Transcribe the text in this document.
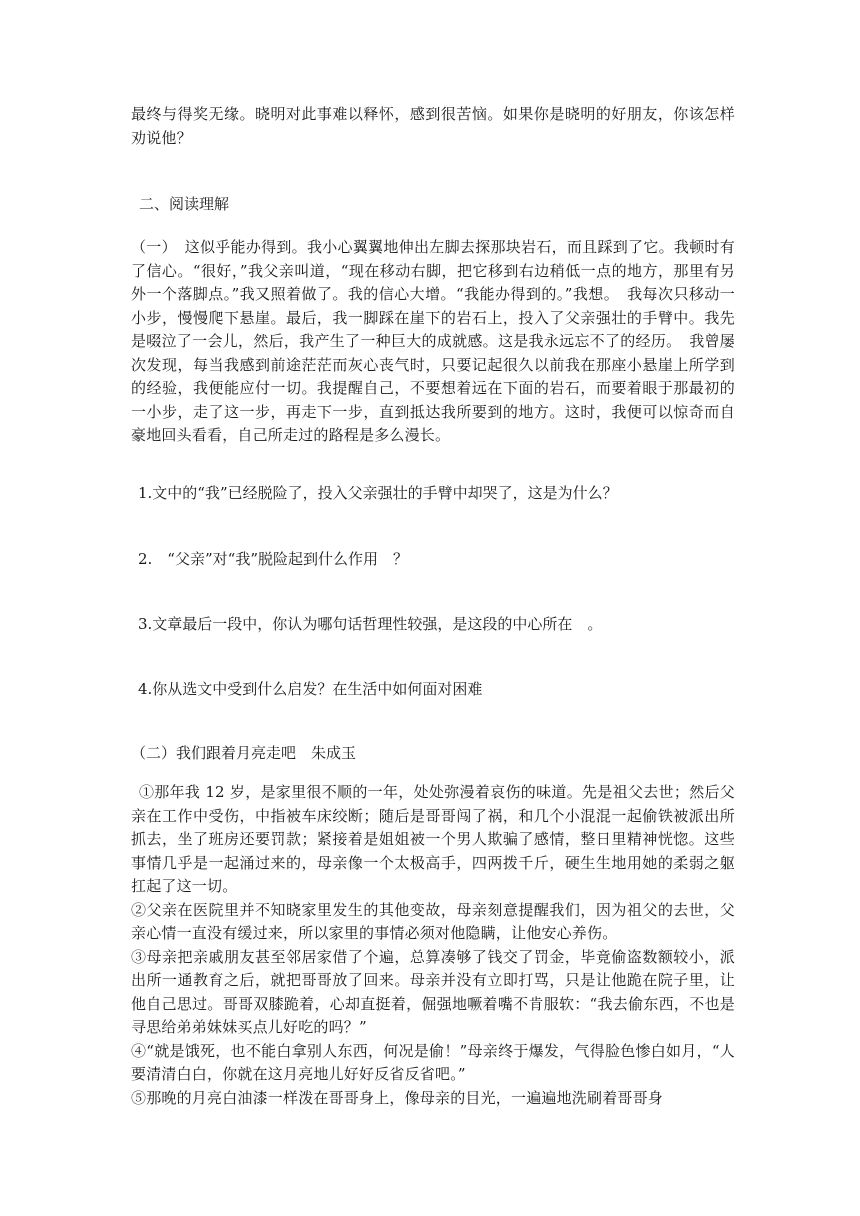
最终与得奖无缘。晓明对此事难以释怀，感到很苦恼。如果你是晓明的好朋友，你该怎样劝说他？

二、阅读理解

（一）　这似乎能办得到。我小心翼翼地伸出左脚去探那块岩石，而且踩到了它。我顿时有了信心。“很好，”我父亲叫道，“现在移动右脚，把它移到右边稍低一点的地方，那里有另外一个落脚点。”我又照着做了。我的信心大增。“我能办得到的。”我想。　我每次只移动一小步，慢慢爬下悬崖。最后，我一脚踩在崖下的岩石上，投入了父亲强壮的手臂中。我先是啜泣了一会儿，然后，我产生了一种巨大的成就感。这是我永远忘不了的经历。　我曾屡次发现，每当我感到前途茫茫而灰心丧气时，只要记起很久以前我在那座小悬崖上所学到的经验，我便能应付一切。我提醒自己，不要想着远在下面的岩石，而要着眼于那最初的一小步，走了这一步，再走下一步，直到抵达我所要到的地方。这时，我便可以惊奇而自豪地回头看看，自己所走过的路程是多么漫长。

1.文中的“我”已经脱险了，投入父亲强壮的手臂中却哭了，这是为什么？
2.　“父亲”对“我”脱险起到什么作用　？
3.文章最后一段中，你认为哪句话哲理性较强，是这段的中心所在　。
4.你从选文中受到什么启发？在生活中如何面对困难
（二）我们跟着月亮走吧　朱成玉

①那年我 12 岁，是家里很不顺的一年，处处弥漫着哀伤的味道。先是祖父去世；然后父亲在工作中受伤，中指被车床绞断；随后是哥哥闯了祸，和几个小混混一起偷铁被派出所抓去，坐了班房还要罚款；紧接着是姐姐被一个男人欺骗了感情，整日里精神恍惚。这些事情几乎是一起涌过来的，母亲像一个太极高手，四两拨千斤，硬生生地用她的柔弱之躯扛起了这一切。

②父亲在医院里并不知晓家里发生的其他变故，母亲刻意提醒我们，因为祖父的去世，父亲心情一直没有缓过来，所以家里的事情必须对他隐瞒，让他安心养伤。

③母亲把亲戚朋友甚至邻居家借了个遍，总算凑够了钱交了罚金，毕竟偷盗数额较小，派出所一通教育之后，就把哥哥放了回来。母亲并没有立即打骂，只是让他跪在院子里，让他自己思过。哥哥双膝跪着，心却直挺着，倔强地噘着嘴不肯服软：“我去偷东西，不也是寻思给弟弟妹妹买点儿好吃的吗？”

④“就是饿死，也不能白拿别人东西，何况是偷！”母亲终于爆发，气得脸色惨白如月，“人要清清白白，你就在这月亮地儿好好反省反省吧。”

⑤那晚的月亮白油漆一样泼在哥哥身上，像母亲的目光，一遍遍地洗刷着哥哥身
